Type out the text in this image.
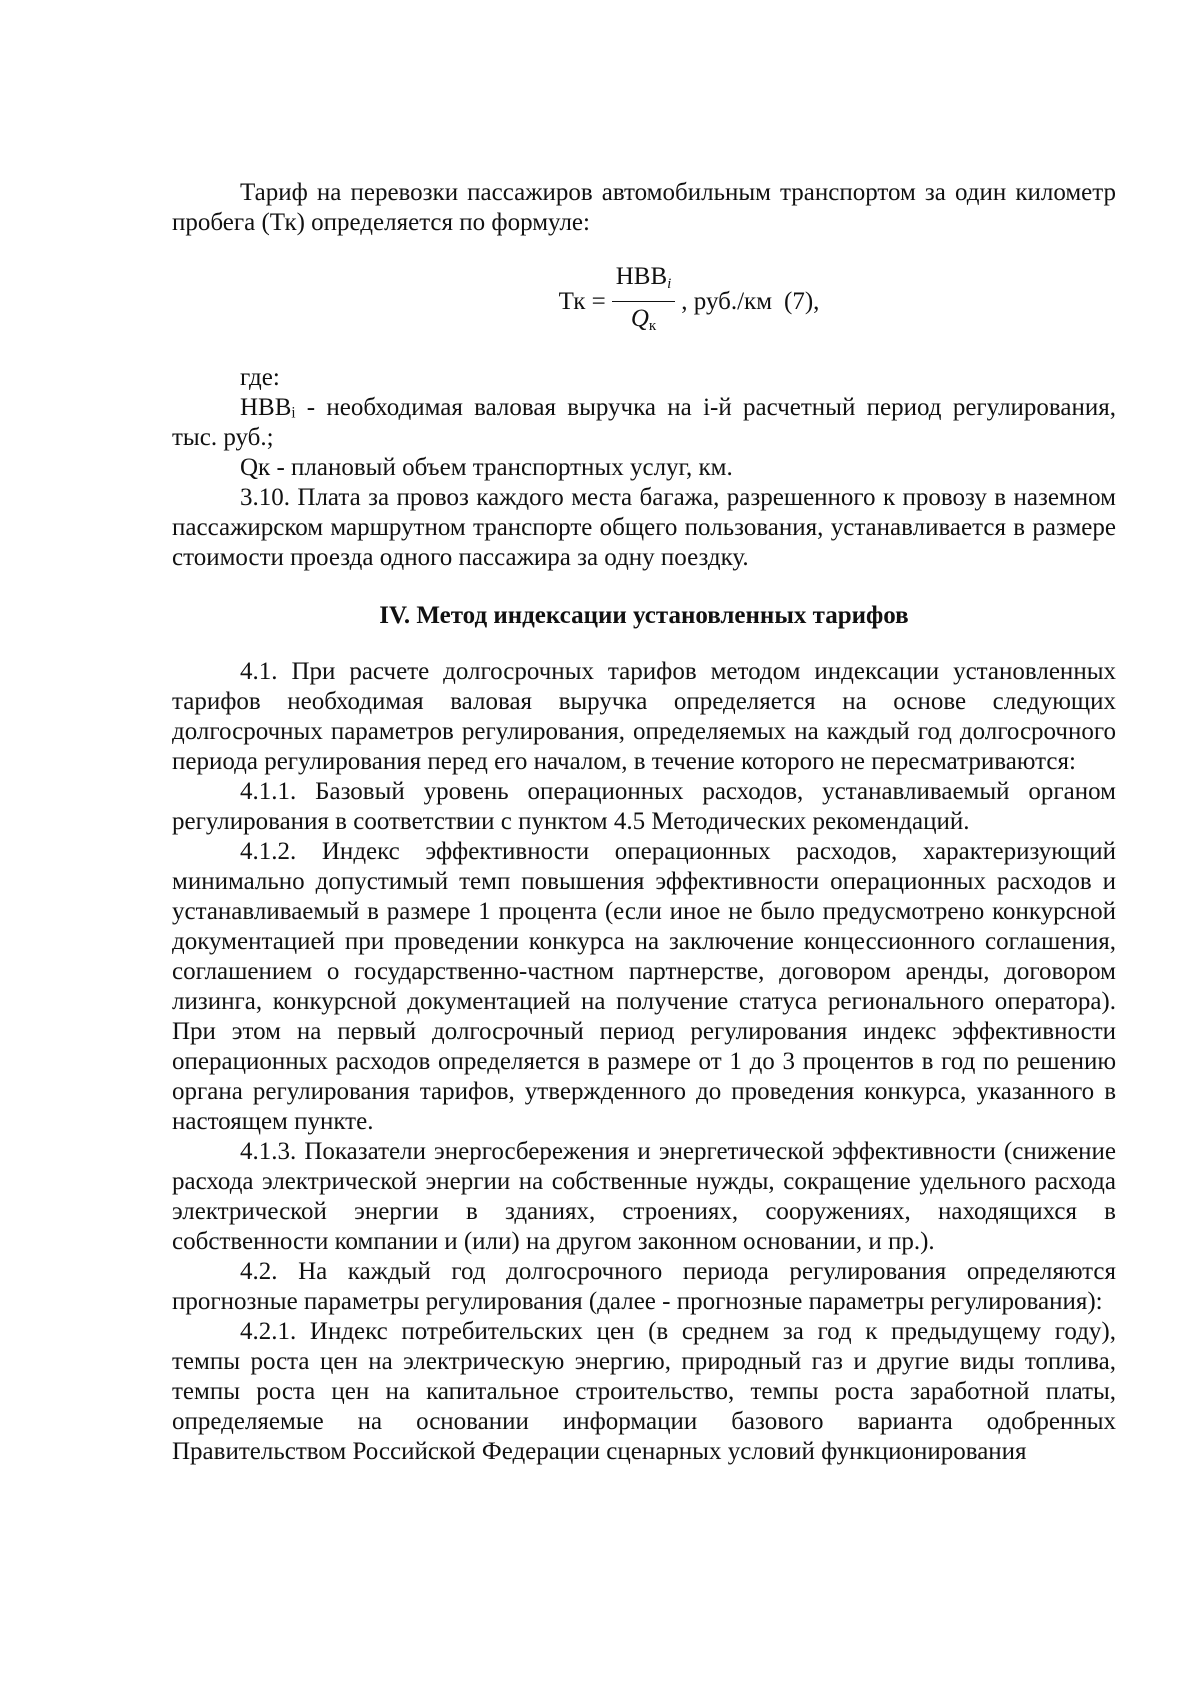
Тариф на перевозки пассажиров автомобильным транспортом за один километр пробега (Тк) определяется по формуле:

Тк = $\frac{НВВ_i}{Q_к}$ , руб./км (7),

где:

НВВᵢ - необходимая валовая выручка на i-й расчетный период регулирования, тыс. руб.;

Qк - плановый объем транспортных услуг, км.

3.10. Плата за провоз каждого места багажа, разрешенного к провозу в наземном пассажирском маршрутном транспорте общего пользования, устанавливается в размере стоимости проезда одного пассажира за одну поездку.

IV. Метод индексации установленных тарифов

4.1. При расчете долгосрочных тарифов методом индексации установленных тарифов необходимая валовая выручка определяется на основе следующих долгосрочных параметров регулирования, определяемых на каждый год долгосрочного периода регулирования перед его началом, в течение которого не пересматриваются:

4.1.1. Базовый уровень операционных расходов, устанавливаемый органом регулирования в соответствии с пунктом 4.5 Методических рекомендаций.

4.1.2. Индекс эффективности операционных расходов, характеризующий минимально допустимый темп повышения эффективности операционных расходов и устанавливаемый в размере 1 процента (если иное не было предусмотрено конкурсной документацией при проведении конкурса на заключение концессионного соглашения, соглашением о государственно-частном партнерстве, договором аренды, договором лизинга, конкурсной документацией на получение статуса регионального оператора). При этом на первый долгосрочный период регулирования индекс эффективности операционных расходов определяется в размере от 1 до 3 процентов в год по решению органа регулирования тарифов, утвержденного до проведения конкурса, указанного в настоящем пункте.

4.1.3. Показатели энергосбережения и энергетической эффективности (снижение расхода электрической энергии на собственные нужды, сокращение удельного расхода электрической энергии в зданиях, строениях, сооружениях, находящихся в собственности компании и (или) на другом законном основании, и пр.).

4.2. На каждый год долгосрочного периода регулирования определяются прогнозные параметры регулирования (далее - прогнозные параметры регулирования):

4.2.1. Индекс потребительских цен (в среднем за год к предыдущему году), темпы роста цен на электрическую энергию, природный газ и другие виды топлива, темпы роста цен на капитальное строительство, темпы роста заработной платы, определяемые на основании информации базового варианта одобренных Правительством Российской Федерации сценарных условий функционирования
